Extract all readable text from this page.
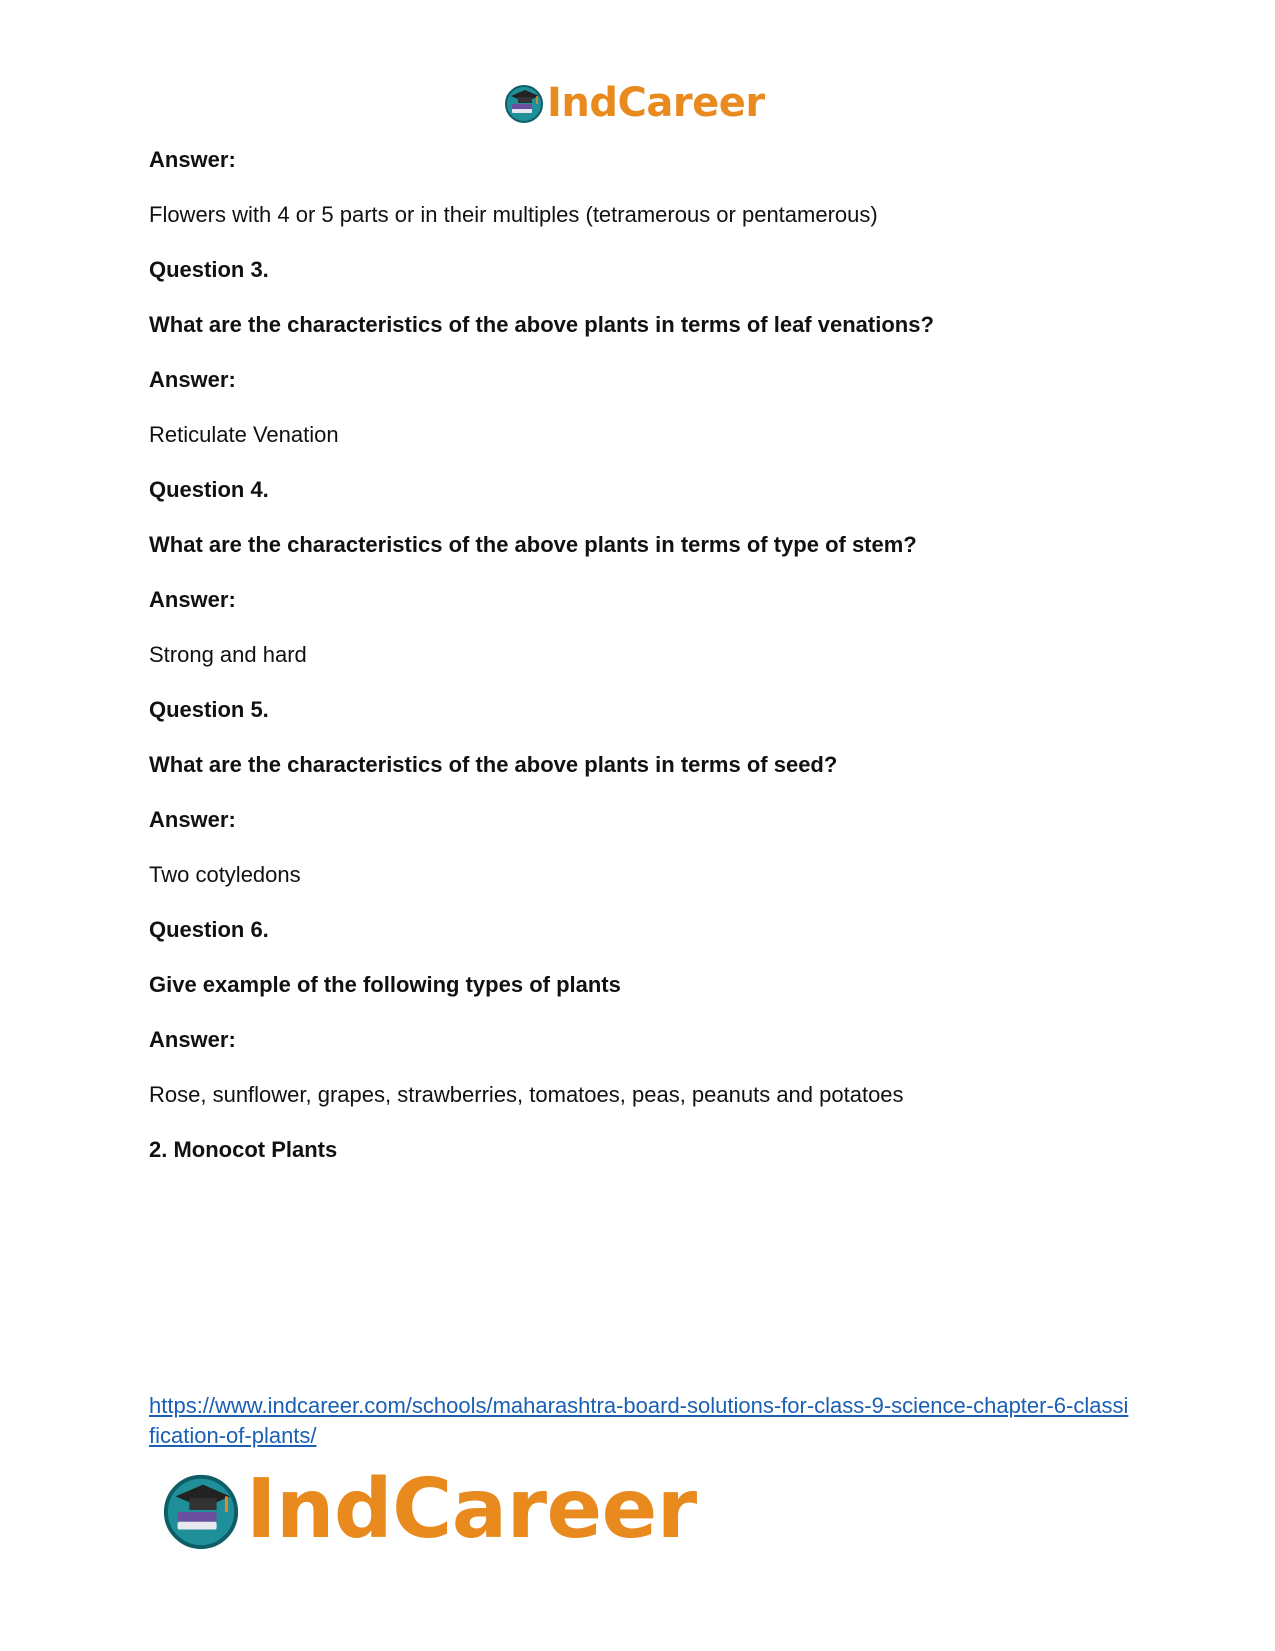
IndCareer

Answer:

Flowers with 4 or 5 parts or in their multiples (tetramerous or pentamerous)

Question 3.

What are the characteristics of the above plants in terms of leaf venations?

Answer:

Reticulate Venation

Question 4.

What are the characteristics of the above plants in terms of type of stem?

Answer:

Strong and hard

Question 5.

What are the characteristics of the above plants in terms of seed?

Answer:

Two cotyledons

Question 6.

Give example of the following types of plants

Answer:

Rose, sunflower, grapes, strawberries, tomatoes, peas, peanuts and potatoes

2. Monocot Plants

https://www.indcareer.com/schools/maharashtra-board-solutions-for-class-9-science-chapter-6-classification-of-plants/
IndCareer
